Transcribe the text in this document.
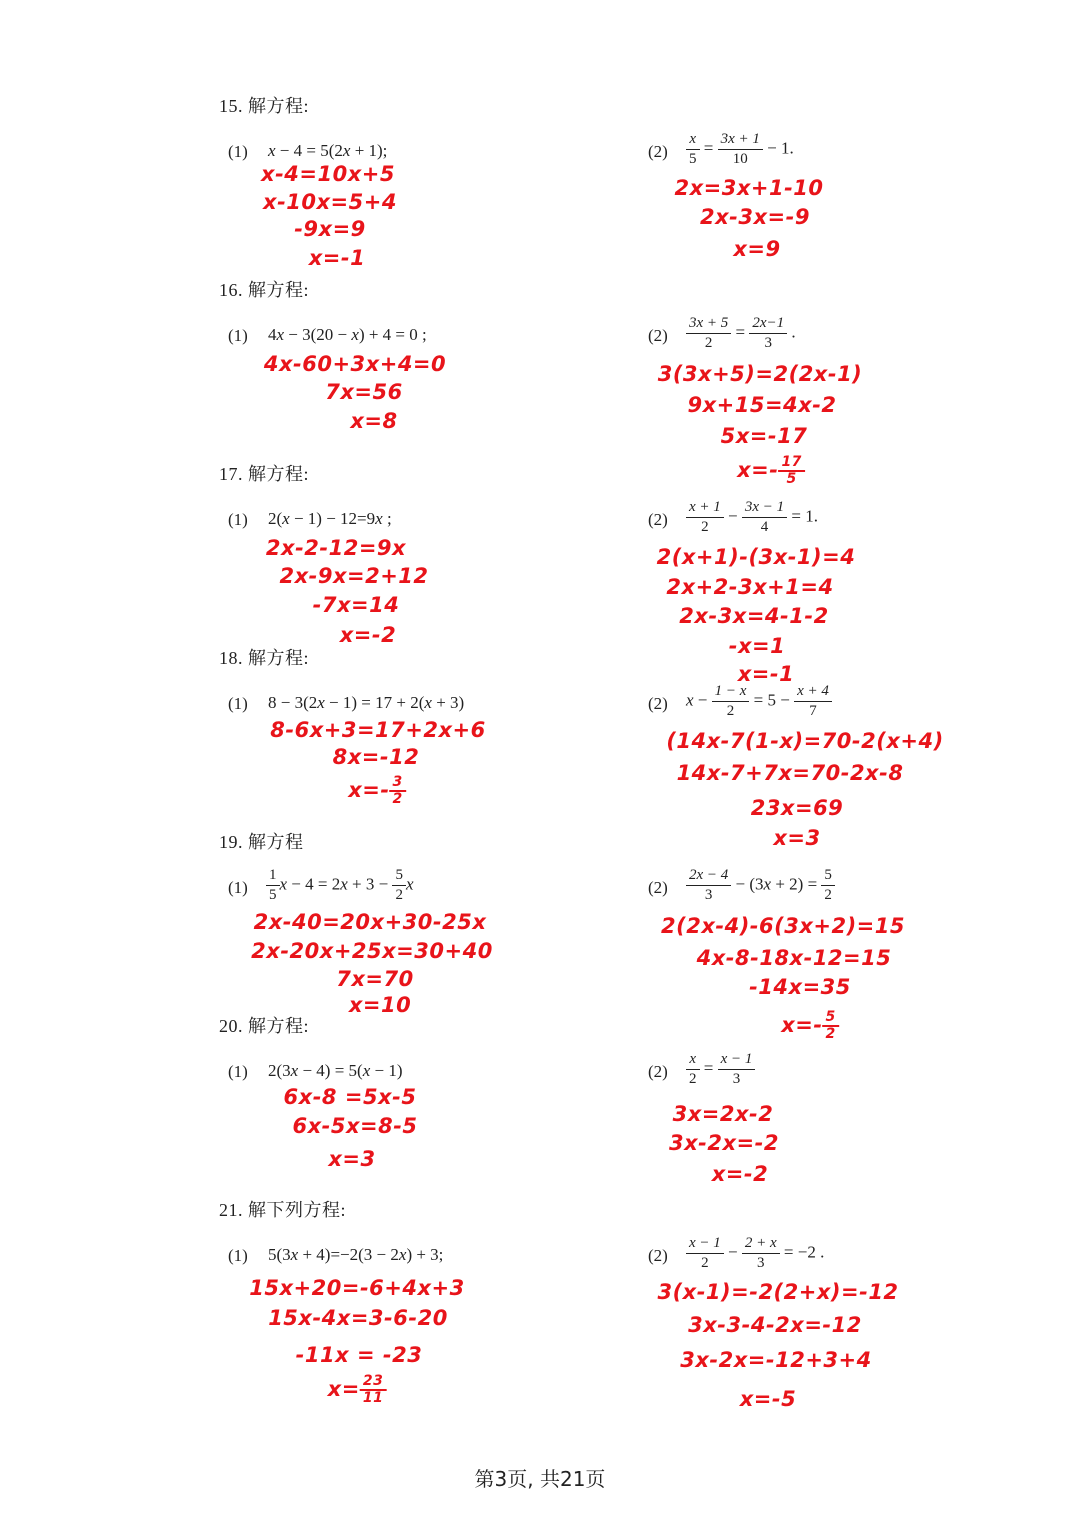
15. 解方程:
(1) x − 4 = 5(2x + 1);
x-4=10x+5
x-10x=5+4
-9x=9
x=-1
$(2) \frac{x}{5} = \frac{3x + 1}{10} - 1$.
2x=3x+1-10
2x-3x=-9
x=9
16. 解方程:
(1) 4x − 3(20 − x) + 4 = 0 ;
4x-60+3x+4=0
7x=56
x=8
$(2) \frac{3x + 5}{2} = \frac{2x-1}{3}$ .
3(3x+5)=2(2x-1)
9x+15=4x-2
5x=-17
$x=- \frac{17}{5}$
17. 解方程:
(1) 2(x − 1) − 12=9x ;
2x-2-12=9x
2x-9x=2+12
-7x=14
x=-2
$(2) \frac{x + 1}{2} - \frac{3x - 1}{4} = 1$.
2(x+1)-(3x-1)=4
2x+2-3x+1=4
2x-3x=4-1-2
-x=1
x=-1
18. 解方程:
(1) 8 − 3(2x − 1) = 17 + 2(x + 3)
8-6x+3=17+2x+6
8x=-12
$x=- \frac{3}{2}$
(2) $x - \frac{1 - x}{2} = 5 - \frac{x + 4}{7}$
(14x-7(1-x)=70-2(x+4)
14x-7+7x=70-2x-8
23x=69
x=3
19. 解方程
$(1) \frac{1}{5}$ $x - 4 = 2x + 3 - \frac{5}{2}$ x
2x-40=20x+30-25x
2x-20x+25x=30+40
7x=70
x=10
$(2) \frac{2x - 4}{3} - (3x + 2) = \frac{5}{2}$
2(2x-4)-6(3x+2)=15
4x-8-18x-12=15
-14x=35
$x=- \frac{5}{2}$
20. 解方程:
(1) 2(3x − 4) = 5(x − 1)
6x-8 =5x-5
6x-5x=8-5
x=3
$(2) \frac{x}{2} = \frac{x - 1}{3}$
3x=2x-2
3x-2x=-2
x=-2
21. 解下列方程:
(1) 5(3x + 4)=−2(3 − 2x) + 3;
15x+20=-6+4x+3
15x-4x=3-6-20
-11x = -23
$x= \frac{23}{11}$
$(2) \frac{x - 1}{2} - \frac{2 + x}{3} = -2$ .
3(x-1)=-2(2+x)=-12
3x-3-4-2x=-12
3x-2x=-12+3+4
x=-5
第3页, 共21页
